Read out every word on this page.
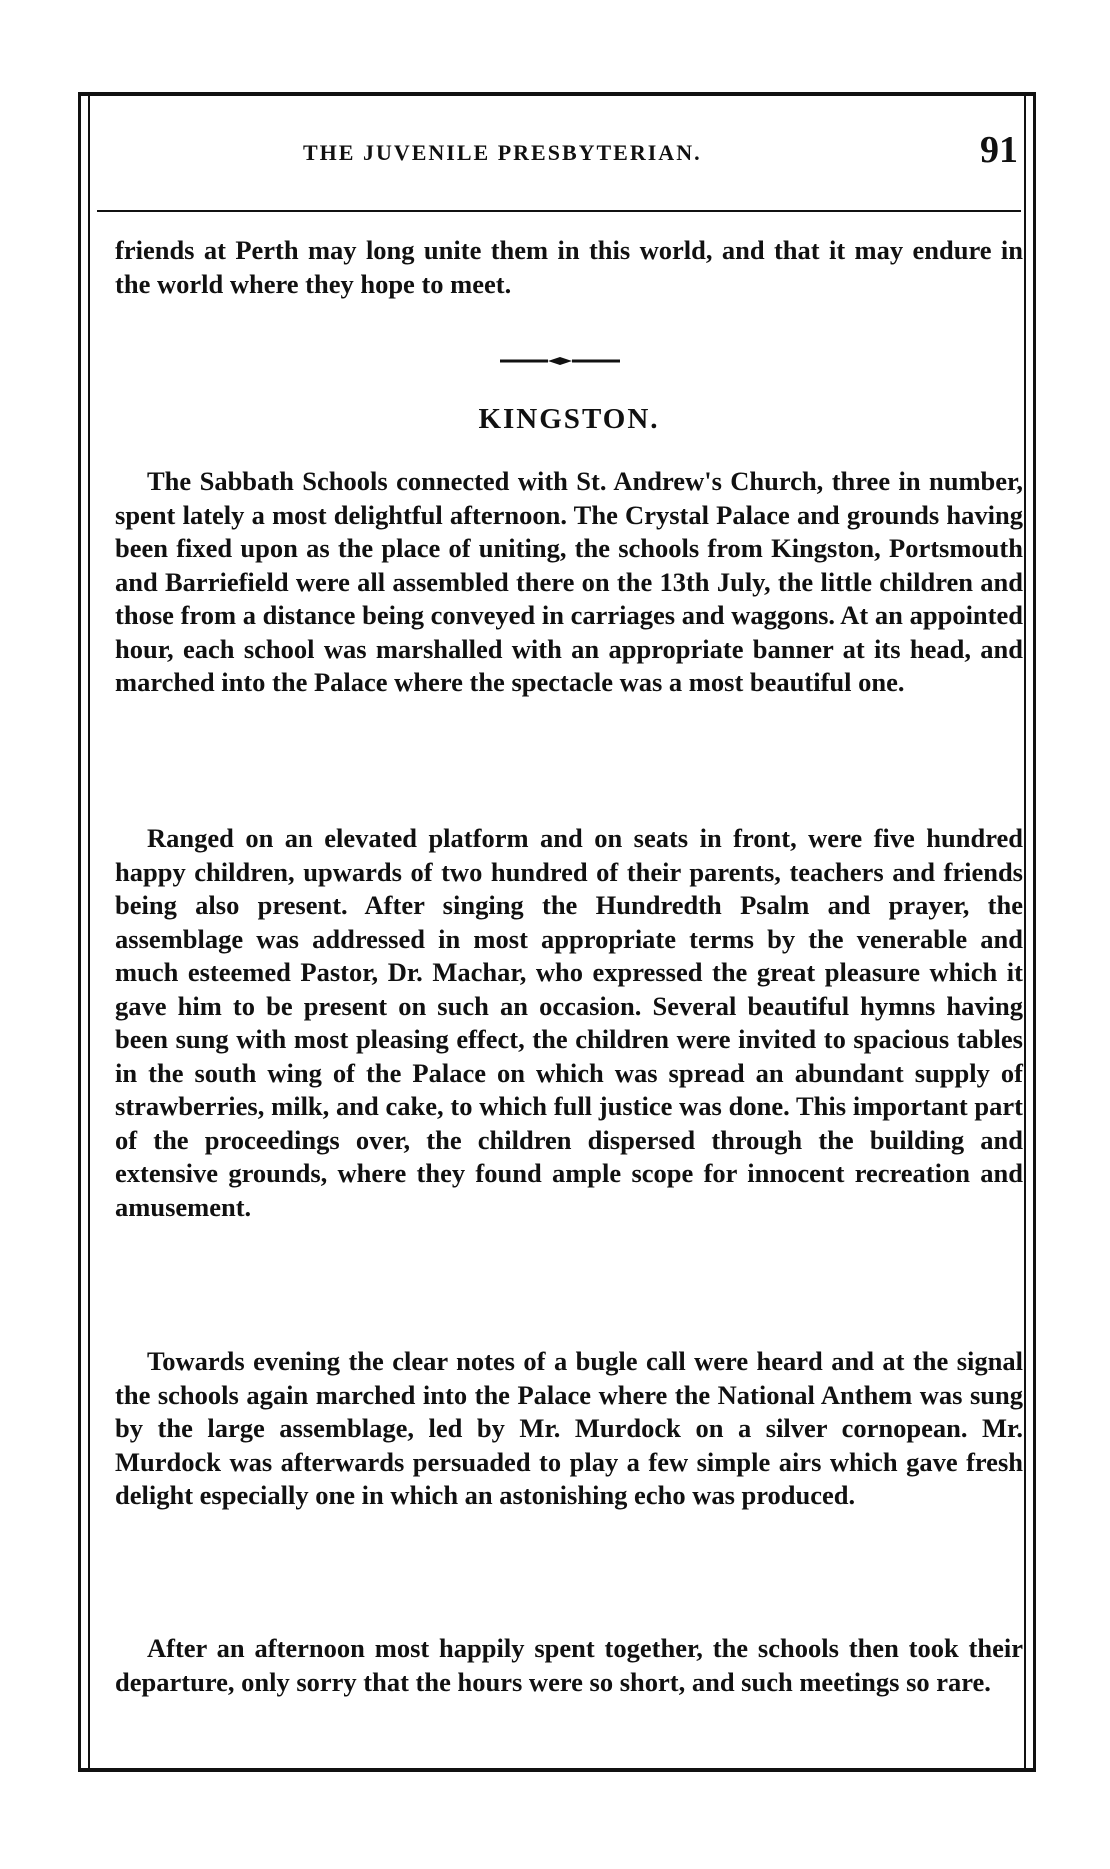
THE JUVENILE PRESBYTERIAN.	91

friends at Perth may long unite them in this world, and that it may endure in the world where they hope to meet.

KINGSTON.

The Sabbath Schools connected with St. Andrew's Church, three in number, spent lately a most delightful afternoon. The Crystal Palace and grounds having been fixed upon as the place of uniting, the schools from Kingston, Portsmouth and Barriefield were all assembled there on the 13th July, the little children and those from a distance being conveyed in carriages and waggons. At an appointed hour, each school was marshalled with an appropriate banner at its head, and marched into the Palace where the spectacle was a most beautiful one.

Ranged on an elevated platform and on seats in front, were five hundred happy children, upwards of two hundred of their parents, teachers and friends being also present. After singing the Hundredth Psalm and prayer, the assemblage was addressed in most appropriate terms by the venerable and much esteemed Pastor, Dr. Machar, who expressed the great pleasure which it gave him to be present on such an occasion. Several beautiful hymns having been sung with most pleasing effect, the children were invited to spacious tables in the south wing of the Palace on which was spread an abundant supply of strawberries, milk, and cake, to which full justice was done. This important part of the proceedings over, the children dispersed through the building and extensive grounds, where they found ample scope for innocent recreation and amusement.

Towards evening the clear notes of a bugle call were heard and at the signal the schools again marched into the Palace where the National Anthem was sung by the large assemblage, led by Mr. Murdock on a silver cornopean. Mr. Murdock was afterwards persuaded to play a few simple airs which gave fresh delight especially one in which an astonishing echo was produced.

After an afternoon most happily spent together, the schools then took their departure, only sorry that the hours were so short, and such meetings so rare.
